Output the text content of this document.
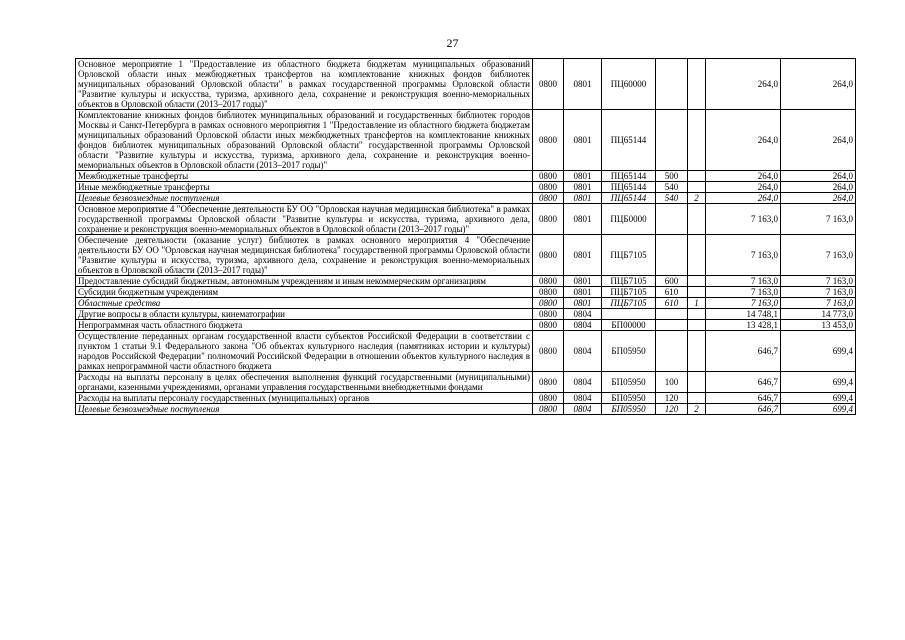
27
Основное мероприятие 1 "Предоставление из областного бюджета бюджетам муниципальных образований Орловской области иных межбюджетных трансфертов на комплектование книжных фондов библиотек муниципальных образований Орловской области" в рамках государственной программы Орловской области "Развитие культуры и искусства, туризма, архивного дела, сохранение и реконструкция военно-мемориальных объектов в Орловской области (2013–2017 годы)"	0800	0801	ПЦ60000			264,0	264,0
Комплектование книжных фондов библиотек муниципальных образований и государственных библиотек городов Москвы и Санкт-Петербурга в рамках основного мероприятия 1 "Предоставление из областного бюджета бюджетам муниципальных образований Орловской области иных межбюджетных трансфертов на комплектование книжных фондов библиотек муниципальных образований Орловской области" государственной программы Орловской области "Развитие культуры и искусства, туризма, архивного дела, сохранение и реконструкция военно-мемориальных объектов в Орловской области (2013–2017 годы)"	0800	0801	ПЦ65144			264,0	264,0
Межбюджетные трансферты	0800	0801	ПЦ65144	500		264,0	264,0
Иные межбюджетные трансферты	0800	0801	ПЦ65144	540		264,0	264,0
Целевые безвозмездные поступления	0800	0801	ПЦ65144	540	2	264,0	264,0
Основное мероприятие 4 "Обеспечение деятельности БУ ОО "Орловская научная медицинская библиотека" в рамках государственной программы Орловской области "Развитие культуры и искусства, туризма, архивного дела, сохранение и реконструкция военно-мемориальных объектов в Орловской области (2013–2017 годы)"	0800	0801	ПЦБ0000			7 163,0	7 163,0
Обеспечение деятельности (оказание услуг) библиотек в рамках основного мероприятия 4 "Обеспечение деятельности БУ ОО "Орловская научная медицинская библиотека" государственной программы Орловской области "Развитие культуры и искусства, туризма, архивного дела, сохранение и реконструкция военно-мемориальных объектов в Орловской области (2013–2017 годы)"	0800	0801	ПЦБ7105			7 163,0	7 163,0
Предоставление субсидий бюджетным, автономным учреждениям и иным некоммерческим организациям	0800	0801	ПЦБ7105	600		7 163,0	7 163,0
Субсидии бюджетным учреждениям	0800	0801	ПЦБ7105	610		7 163,0	7 163,0
Областные средства	0800	0801	ПЦБ7105	610	1	7 163,0	7 163,0
Другие вопросы в области культуры, кинематографии	0800	0804				14 748,1	14 773,0
Непрограммная часть областного бюджета	0800	0804	БП00000			13 428,1	13 453,0
Осуществление переданных органам государственной власти субъектов Российской Федерации в соответствии с пунктом 1 статьи 9.1 Федерального закона "Об объектах культурного наследия (памятниках истории и культуры) народов Российской Федерации" полномочий Российской Федерации в отношении объектов культурного наследия в рамках непрограммной части областного бюджета	0800	0804	БП05950			646,7	699,4
Расходы на выплаты персоналу в целях обеспечения выполнения функций государственными (муниципальными) органами, казенными учреждениями, органами управления государственными внебюджетными фондами	0800	0804	БП05950	100		646,7	699,4
Расходы на выплаты персоналу государственных (муниципальных) органов	0800	0804	БП05950	120		646,7	699,4
Целевые безвозмездные поступления	0800	0804	БП05950	120	2	646,7	699,4
